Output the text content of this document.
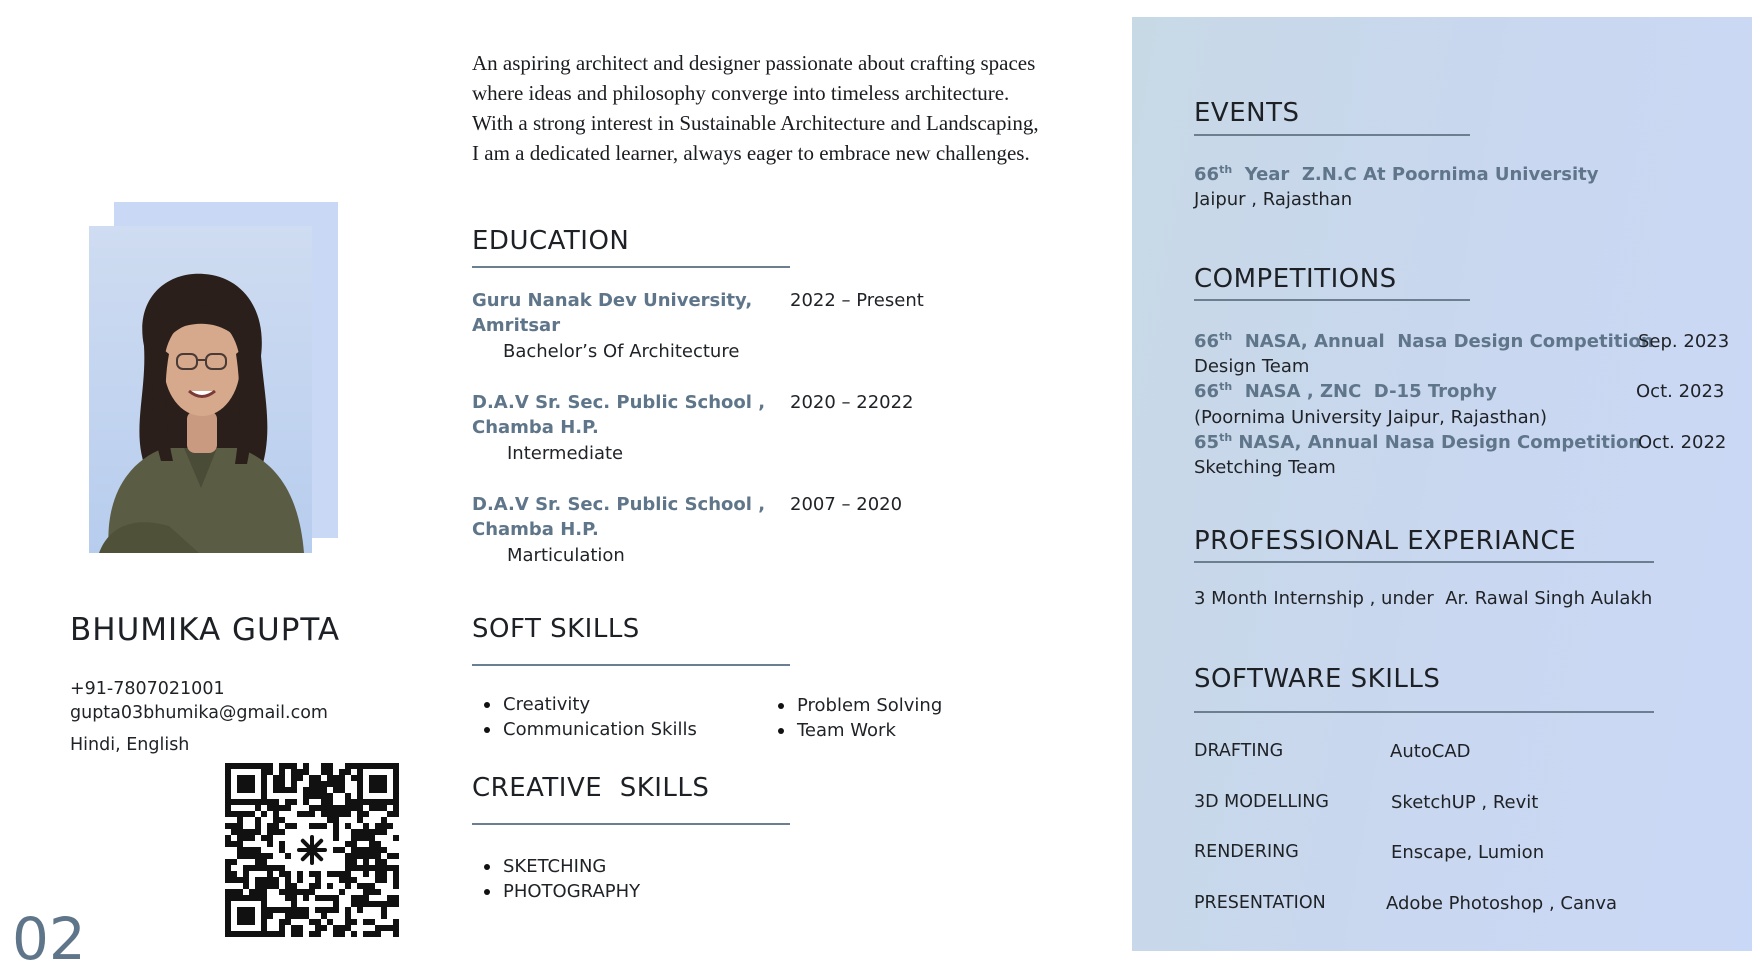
An aspiring architect and designer passionate about crafting spaces
where ideas and philosophy converge into timeless architecture.
With a strong interest in Sustainable Architecture and Landscaping,
I am a dedicated learner, always eager to embrace new challenges.
BHUMIKA GUPTA
+91-7807021001
gupta03bhumika@gmail.com
Hindi, English
02
EDUCATION
Guru Nanak Dev University,
Amritsar
Bachelor’s Of Architecture
2022 – Present
D.A.V Sr. Sec. Public School ,
Chamba H.P.
Intermediate
2020 – 22022
D.A.V Sr. Sec. Public School ,
Chamba H.P.
Marticulation
2007 – 2020
SOFT SKILLS
Creativity
Communication Skills
Problem Solving
Team Work
CREATIVE  SKILLS
SKETCHING
PHOTOGRAPHY
EVENTS
66th  Year  Z.N.C At Poornima University
Jaipur , Rajasthan
COMPETITIONS
66th  NASA, Annual  Nasa Design Competition
Sep. 2023
Design Team
66th  NASA , ZNC  D-15 Trophy	Oct. 2023
(Poornima University Jaipur, Rajasthan)
65th NASA, Annual Nasa Design Competition
Oct. 2022
Sketching Team
PROFESSIONAL EXPERIANCE
3 Month Internship , under  Ar. Rawal Singh Aulakh
SOFTWARE SKILLS
DRAFTING	AutoCAD
3D MODELLING	SketchUP , Revit
RENDERING	Enscape, Lumion
PRESENTATION	Adobe Photoshop , Canva
